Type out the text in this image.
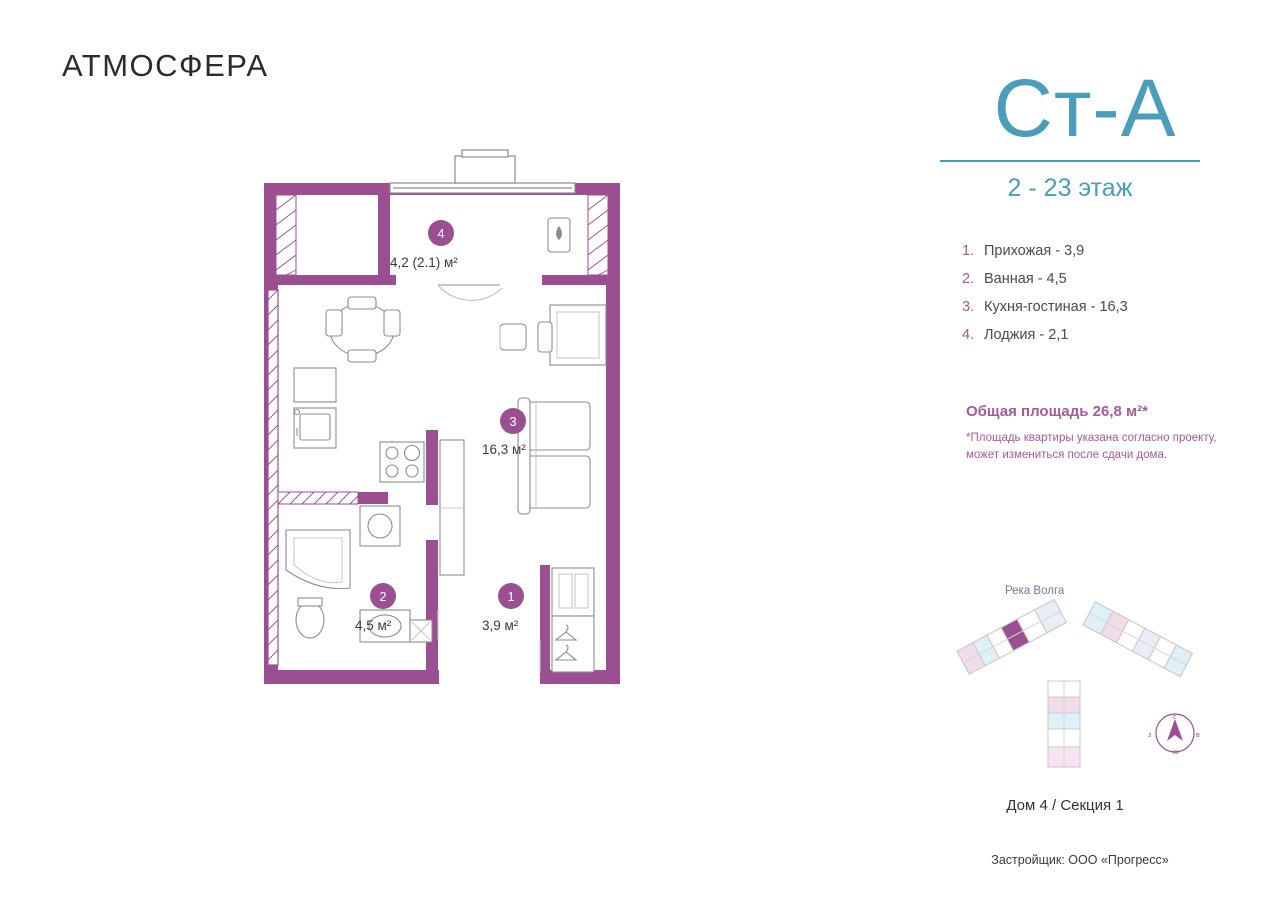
АТМОСФЕРА
4
4,2 (2.1) м²
3
16,3 м²
2
4,5 м²
1
3,9 м²
Ст-А
2 - 23 этаж
1. Прихожая - 3,9
2. Ванная - 4,5
3. Кухня-гостиная - 16,3
4. Лоджия - 2,1
Общая площадь 26,8 м²*
*Площадь квартиры указана согласно проекту,
может измениться после сдачи дома.
Река Волга
с
ю
з	в
Дом 4 / Секция 1
Застройщик: ООО «Прогресс»
